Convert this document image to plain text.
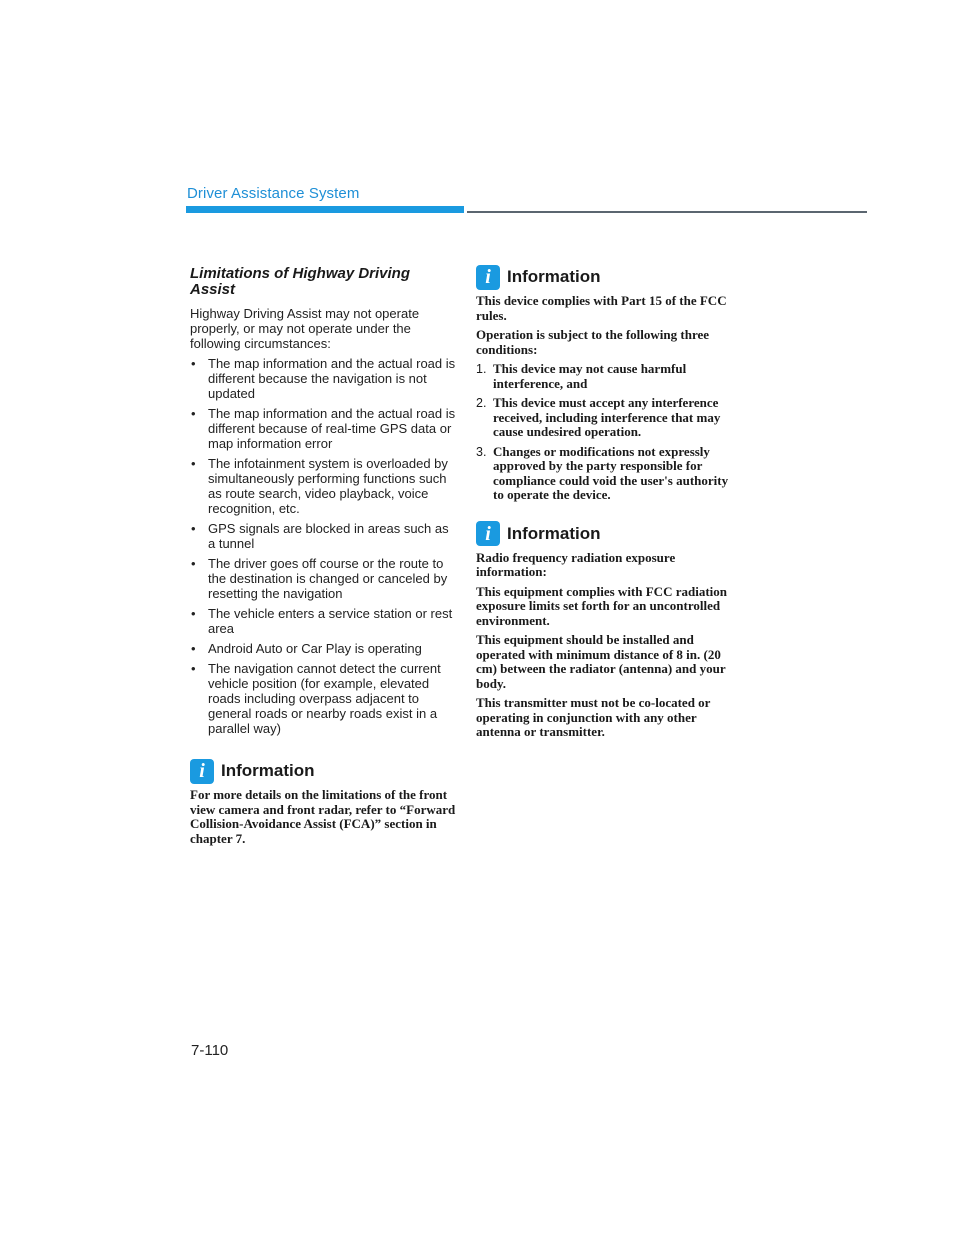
Driver Assistance System
Limitations of Highway Driving Assist

Highway Driving Assist may not operate properly, or may not operate under the following circumstances:

• The map information and the actual road is different because the navigation is not updated
• The map information and the actual road is different because of real-time GPS data or map information error
• The infotainment system is overloaded by simultaneously performing functions such as route search, video playback, voice recognition, etc.
• GPS signals are blocked in areas such as a tunnel
• The driver goes off course or the route to the destination is changed or canceled by resetting the navigation
• The vehicle enters a service station or rest area
• Android Auto or Car Play is operating
• The navigation cannot detect the current vehicle position (for example, elevated roads including overpass adjacent to general roads or nearby roads exist in a parallel way)
i Information

For more details on the limitations of the front view camera and front radar, refer to “Forward Collision-Avoidance Assist (FCA)” section in chapter 7.

i Information

This device complies with Part 15 of the FCC rules.

Operation is subject to the following three conditions:

1. This device may not cause harmful interference, and
2. This device must accept any interference received, including interference that may cause undesired operation.
3. Changes or modifications not expressly approved by the party responsible for compliance could void the user's authority to operate the device.
i Information

Radio frequency radiation exposure information:

This equipment complies with FCC radiation exposure limits set forth for an uncontrolled environment.

This equipment should be installed and operated with minimum distance of 8 in. (20 cm) between the radiator (antenna) and your body.

This transmitter must not be co-located or operating in conjunction with any other antenna or transmitter.

7-110
